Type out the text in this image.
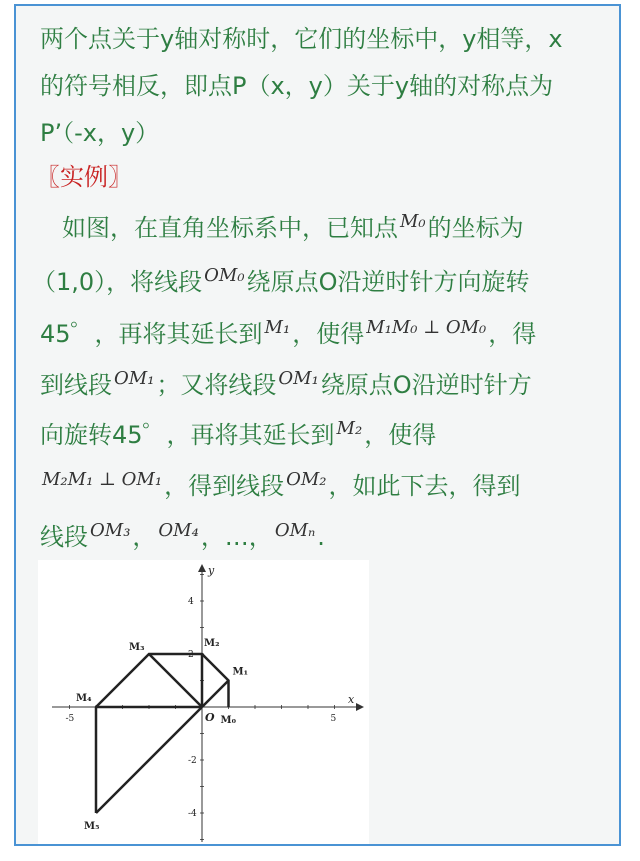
两个点关于y轴对称时，它们的坐标中，y相等，x
的符号相反，即点P（x，y）关于y轴的对称点为
P’（-x，y）
〖实例〗
如图，在直角坐标系中，已知点 $^{M_0}$的坐标为
（1,0），将线段 $^{OM_0}$绕原点O沿逆时针方向旋转
45゜，再将其延长到 $^{M_1}$，使得 $^{M_1M_0 \perp OM_0}$，得
到线段 $^{OM_1}$；又将线段 $^{OM_1}$绕原点O沿逆时针方
向旋转45゜，再将其延长到 $^{M_2}$，使得
$^{M_2M_1 \perp OM_1}$，得到线段 $^{OM_2}$，如此下去，得到
线段 $^{OM_3}$， $^{OM_4}$，…， $^{OM_n}$.
-5	5
4
2
-2
-4
x
y
O M₀
M₁
M₂
M₃
M₄
M₅
